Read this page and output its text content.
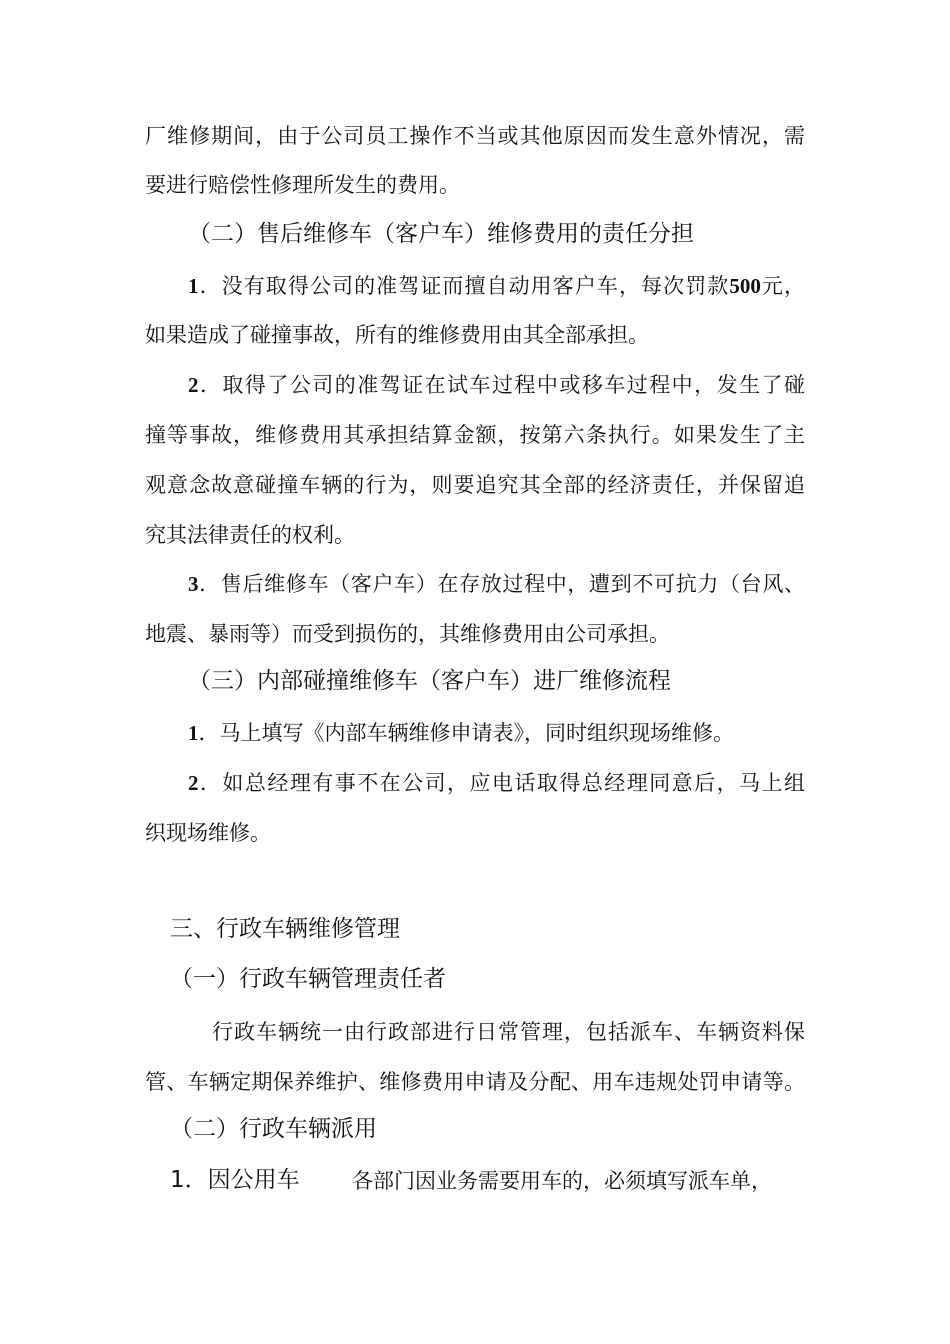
厂维修期间，由于公司员工操作不当或其他原因而发生意外情况，需
要进行赔偿性修理所发生的费用。
（二）售后维修车（客户车）维修费用的责任分担
1．没有取得公司的准驾证而擅自动用客户车，每次罚款500元，
如果造成了碰撞事故，所有的维修费用由其全部承担。
2．取得了公司的准驾证在试车过程中或移车过程中，发生了碰
撞等事故，维修费用其承担结算金额，按第六条执行。如果发生了主
观意念故意碰撞车辆的行为，则要追究其全部的经济责任，并保留追
究其法律责任的权利。
3．售后维修车（客户车）在存放过程中，遭到不可抗力（台风、
地震、暴雨等）而受到损伤的，其维修费用由公司承担。
（三）内部碰撞维修车（客户车）进厂维修流程
1．马上填写《内部车辆维修申请表》，同时组织现场维修。
2．如总经理有事不在公司，应电话取得总经理同意后，马上组
织现场维修。
三、行政车辆维修管理
（一）行政车辆管理责任者
行政车辆统一由行政部进行日常管理，包括派车、车辆资料保
管、车辆定期保养维护、维修费用申请及分配、用车违规处罚申请等。
（二）行政车辆派用
1．因公用车 各部门因业务需要用车的，必须填写派车单，
